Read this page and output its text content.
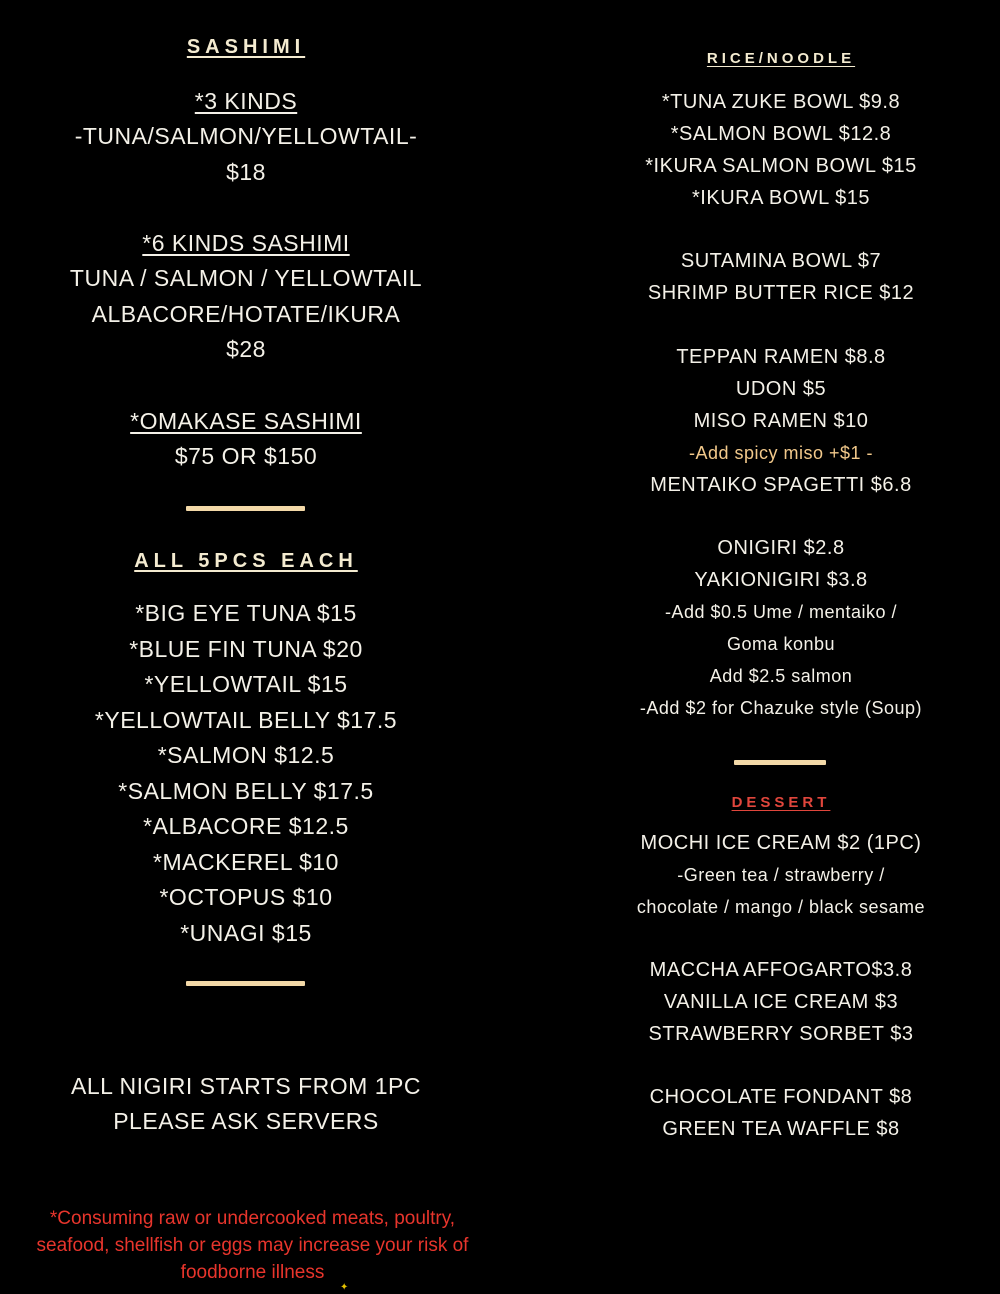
SASHIMI
*3 KINDS
-TUNA/SALMON/YELLOWTAIL-
$18
*6 KINDS SASHIMI
TUNA / SALMON / YELLOWTAIL
ALBACORE/HOTATE/IKURA
$28
*OMAKASE SASHIMI
$75 OR $150
ALL 5PCS EACH
*BIG EYE TUNA $15
*BLUE FIN TUNA $20
*YELLOWTAIL $15
*YELLOWTAIL BELLY $17.5
*SALMON $12.5
*SALMON BELLY $17.5
*ALBACORE $12.5
*MACKEREL $10
*OCTOPUS $10
*UNAGI $15
ALL NIGIRI STARTS FROM 1PC
PLEASE ASK SERVERS
*Consuming raw or undercooked meats, poultry,
seafood, shellfish or eggs may increase your risk of
foodborne illness
✦
RICE/NOODLE
*TUNA ZUKE BOWL $9.8
*SALMON BOWL $12.8
*IKURA SALMON BOWL $15
*IKURA BOWL $15
SUTAMINA BOWL $7
SHRIMP BUTTER RICE $12
TEPPAN RAMEN $8.8
UDON $5
MISO RAMEN $10
-Add spicy miso +$1 -
MENTAIKO SPAGETTI $6.8
ONIGIRI $2.8
YAKIONIGIRI $3.8
-Add $0.5 Ume / mentaiko /
Goma konbu
Add $2.5 salmon
-Add $2 for Chazuke style (Soup)
DESSERT
MOCHI ICE CREAM $2 (1PC)
-Green tea / strawberry /
chocolate / mango / black sesame
MACCHA AFFOGARTO$3.8
VANILLA ICE CREAM $3
STRAWBERRY SORBET $3
CHOCOLATE FONDANT $8
GREEN TEA WAFFLE $8
